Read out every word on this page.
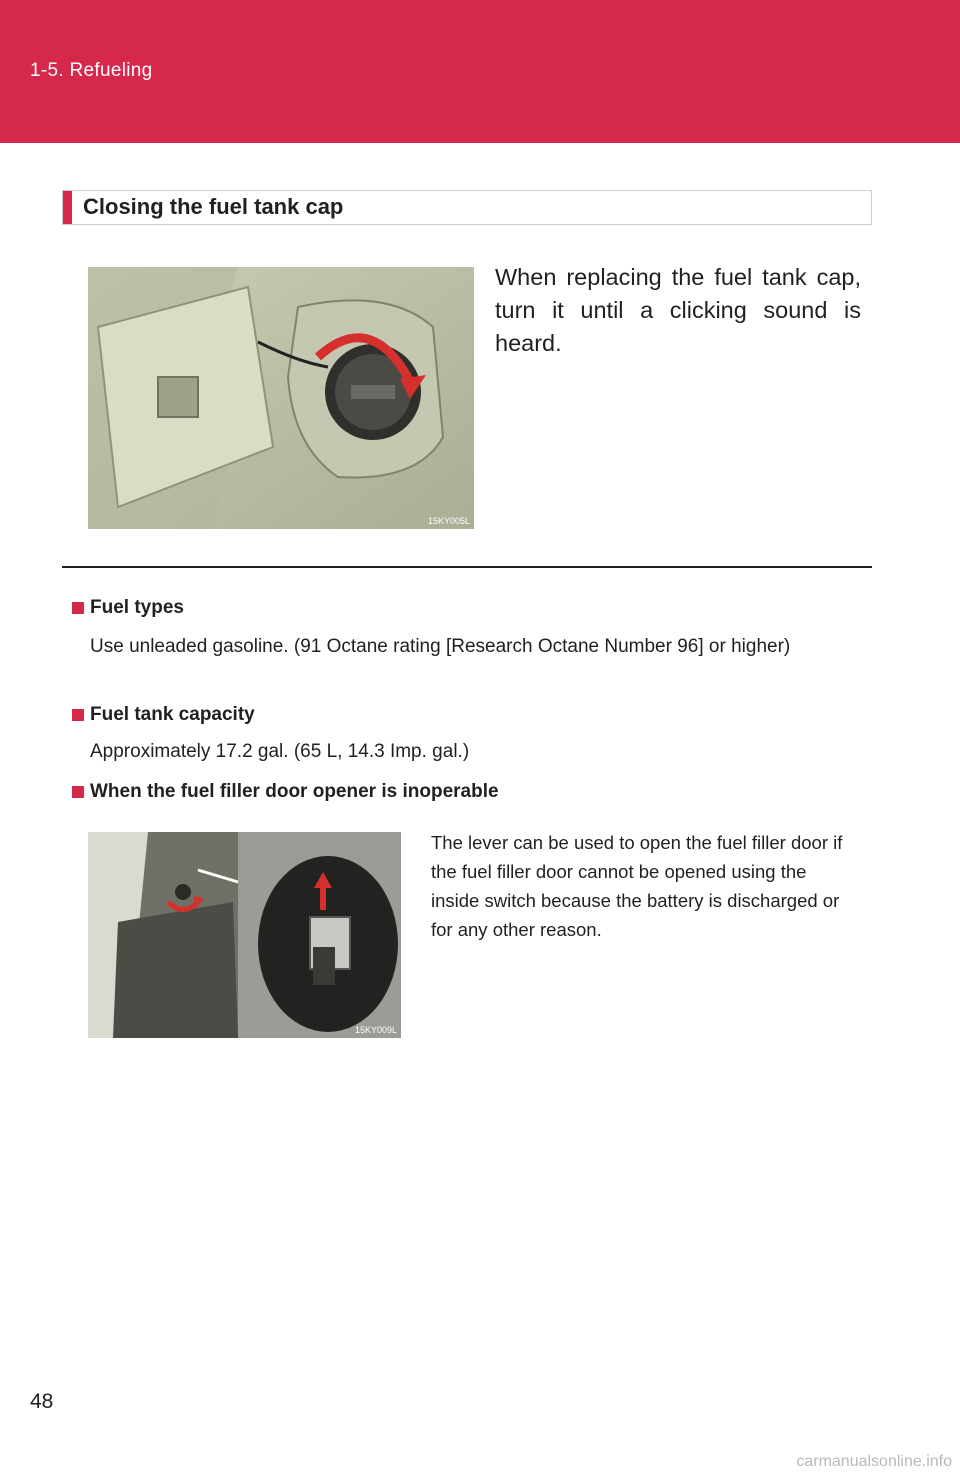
1-5. Refueling
Closing the fuel tank cap
15KY005L
When replacing the fuel tank cap, turn it until a clicking sound is heard.
Fuel types
Use unleaded gasoline. (91 Octane rating [Research Octane Number 96] or higher)
Fuel tank capacity
Approximately 17.2 gal. (65 L, 14.3 Imp. gal.)
When the fuel filler door opener is inoperable
15KY009L
The lever can be used to open the fuel filler door if the fuel filler door cannot be opened using the inside switch because the battery is discharged or for any other reason.
48
carmanualsonline.info
